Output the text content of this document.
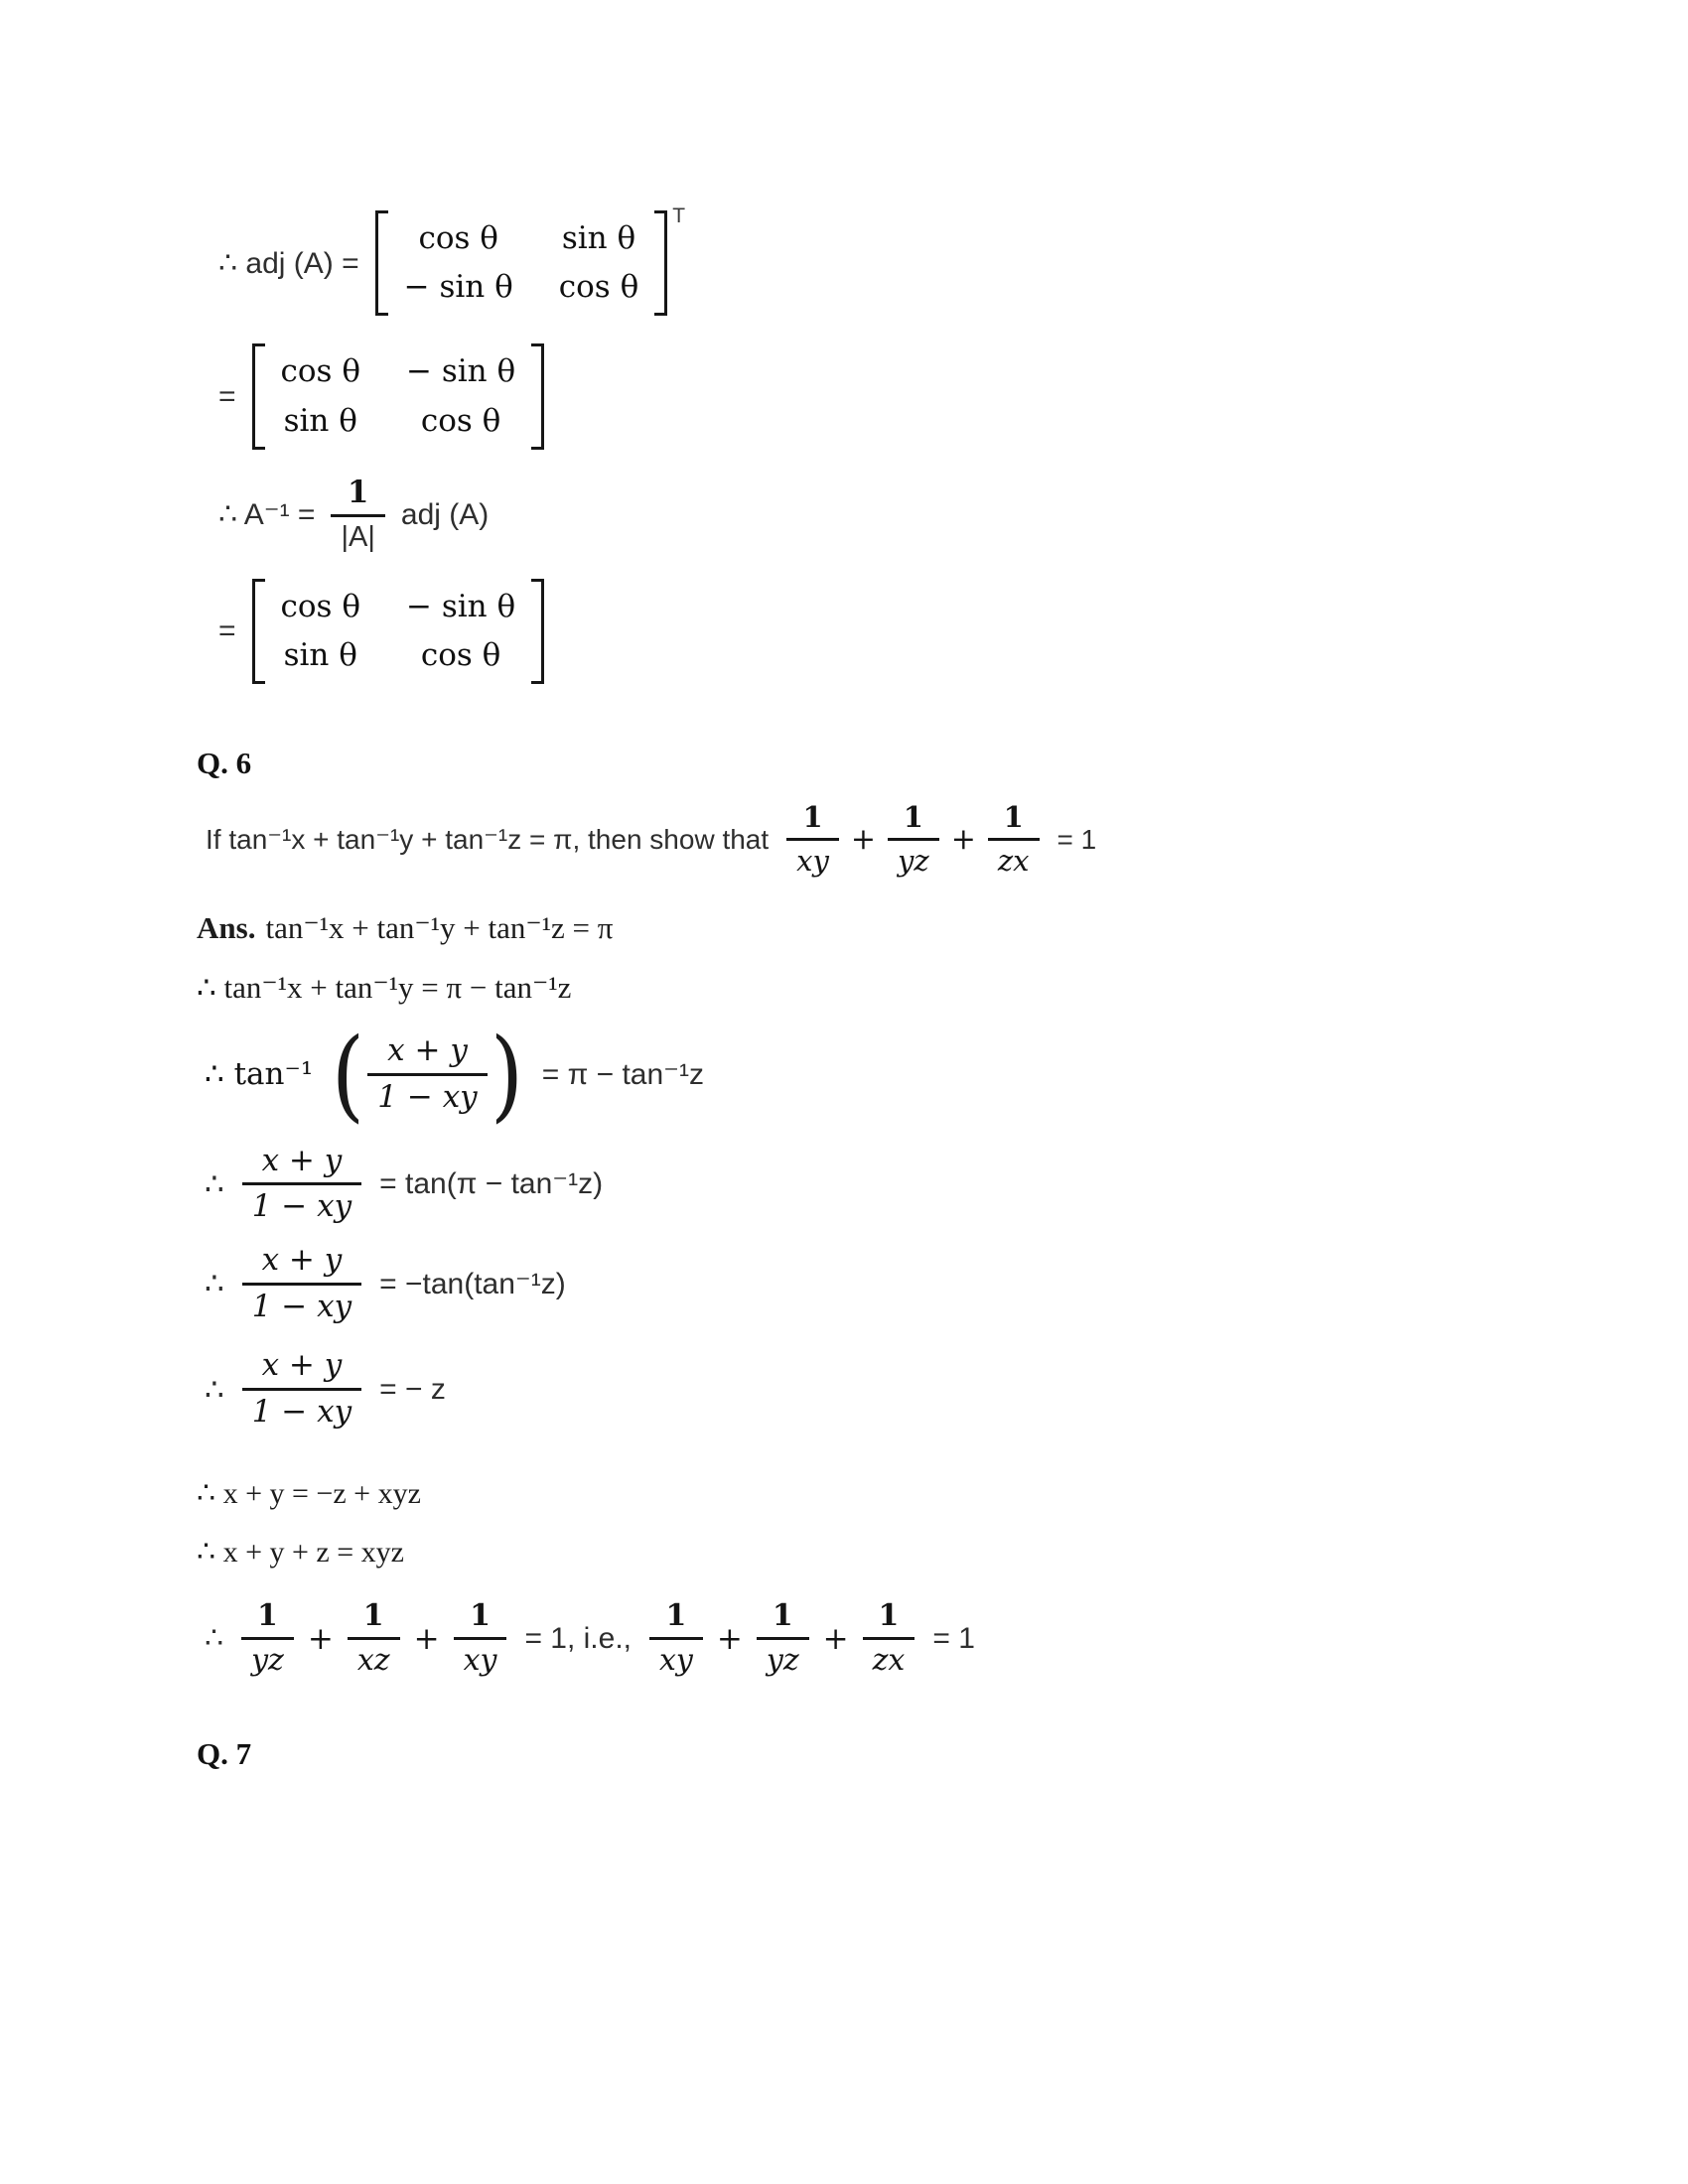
∴ adj (A) =
cos θ sin θ
− sin θ cos θ
T
=
cos θ − sin θ
sin θ cos θ
∴ $A^{-1} = \frac{1}{|A|}$ adj (A)
=
cos θ − sin θ
sin θ cos θ
Q. 6
If tan⁻¹x + tan⁻¹y + tan⁻¹z = π, then show that $\frac{1}{xy} + \frac{1}{yz} + \frac{1}{zx} = 1$
Ans. tan⁻¹x + tan⁻¹y + tan⁻¹z = π
∴ tan⁻¹x + tan⁻¹y = π − tan⁻¹z
∴ tan⁻¹ ( $\frac{x + y}{1 - xy}$ ) = π − tan⁻¹z
∴ $\frac{x + y}{1 - xy} = \tan(\pi - \tan^{-1}z)$
∴ $\frac{x + y}{1 - xy} = -\tan(\tan^{-1}z)$
∴ $\frac{x + y}{1 - xy}$ = − z
∴ x + y = −z + xyz
∴ x + y + z = xyz
∴ $\frac{1}{yz} + \frac{1}{xz} + \frac{1}{xy} = 1$, i.e., $\frac{1}{xy} + \frac{1}{yz} + \frac{1}{zx} = 1$
Q. 7
